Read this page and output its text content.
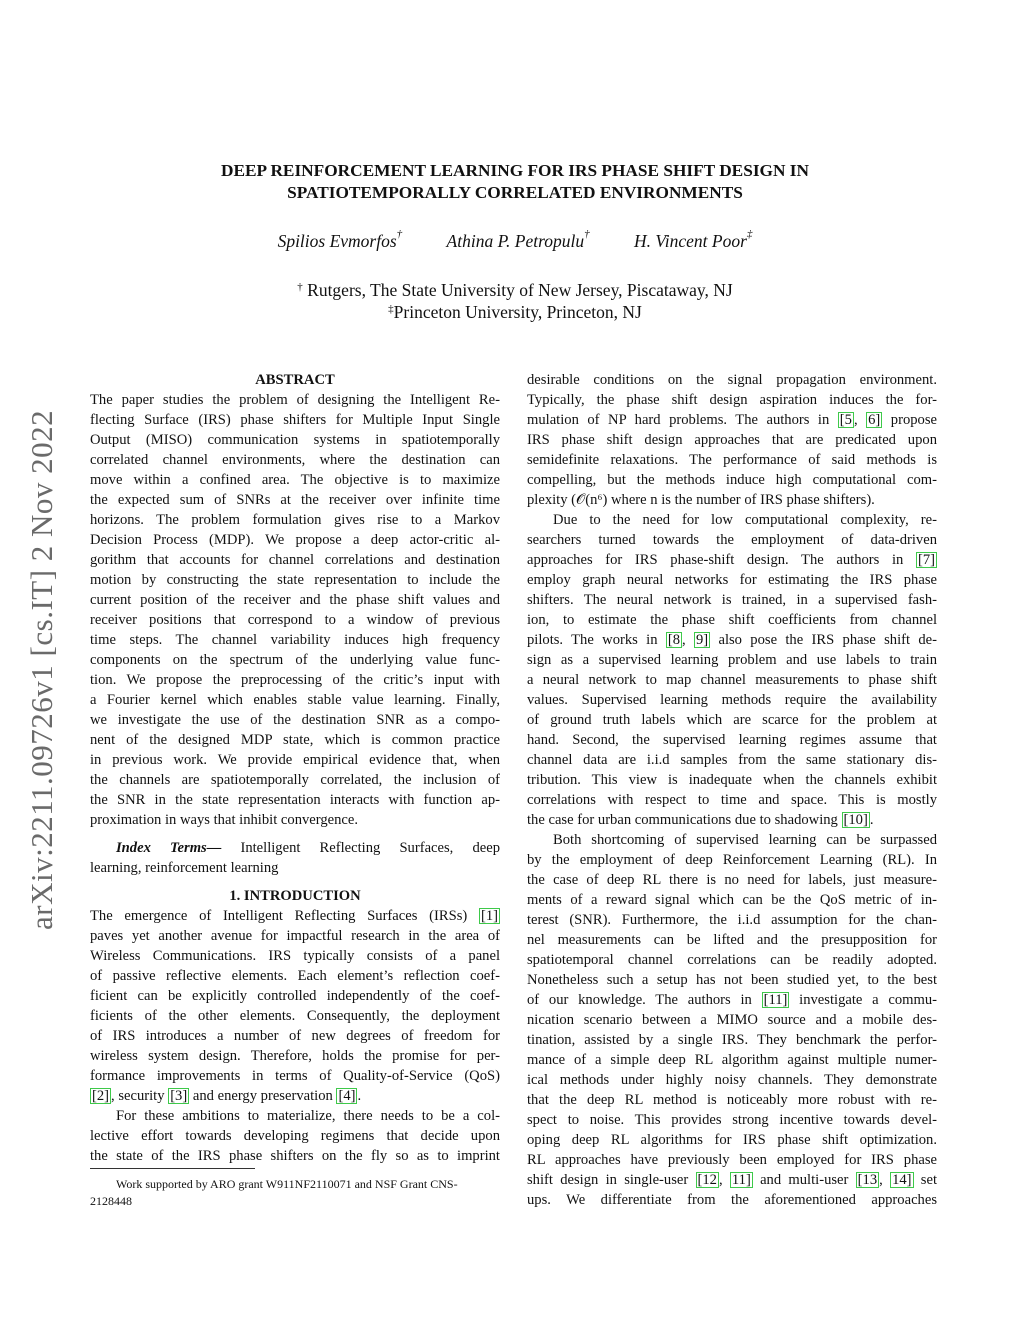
arXiv:2211.09726v1 [cs.IT] 2 Nov 2022
DEEP REINFORCEMENT LEARNING FOR IRS PHASE SHIFT DESIGN IN
SPATIOTEMPORALLY CORRELATED ENVIRONMENTS
Spilios Evmorfos†	Athina P. Petropulu†	H. Vincent Poor‡
† Rutgers, The State University of New Jersey, Piscataway, NJ
‡Princeton University, Princeton, NJ
ABSTRACT
The paper studies the problem of designing the Intelligent Re-
flecting Surface (IRS) phase shifters for Multiple Input Single
Output (MISO) communication systems in spatiotemporally
correlated channel environments, where the destination can
move within a confined area. The objective is to maximize
the expected sum of SNRs at the receiver over infinite time
horizons. The problem formulation gives rise to a Markov
Decision Process (MDP). We propose a deep actor-critic al-
gorithm that accounts for channel correlations and destination
motion by constructing the state representation to include the
current position of the receiver and the phase shift values and
receiver positions that correspond to a window of previous
time steps. The channel variability induces high frequency
components on the spectrum of the underlying value func-
tion. We propose the preprocessing of the critic’s input with
a Fourier kernel which enables stable value learning. Finally,
we investigate the use of the destination SNR as a compo-
nent of the designed MDP state, which is common practice
in previous work. We provide empirical evidence that, when
the channels are spatiotemporally correlated, the inclusion of
the SNR in the state representation interacts with function ap-
proximation in ways that inhibit convergence.
Index Terms— Intelligent Reflecting Surfaces, deep
learning, reinforcement learning
1. INTRODUCTION
The emergence of Intelligent Reflecting Surfaces (IRSs) [1]
paves yet another avenue for impactful research in the area of
Wireless Communications. IRS typically consists of a panel
of passive reflective elements. Each element’s reflection coef-
ficient can be explicitly controlled independently of the coef-
ficients of the other elements. Consequently, the deployment
of IRS introduces a number of new degrees of freedom for
wireless system design. Therefore, holds the promise for per-
formance improvements in terms of Quality-of-Service (QoS)
[2] , security [3] and energy preservation [4] .
For these ambitions to materialize, there needs to be a col-
lective effort towards developing regimens that decide upon
the state of the IRS phase shifters on the fly so as to imprint
Work supported by ARO grant W911NF2110071 and NSF Grant CNS-
2128448
desirable conditions on the signal propagation environment.
Typically, the phase shift design aspiration induces the for-
mulation of NP hard problems. The authors in [5 , 6] propose
IRS phase shift design approaches that are predicated upon
semidefinite relaxations. The performance of said methods is
compelling, but the methods induce high computational com-
plexity (𝒪(n⁶) where n is the number of IRS phase shifters).
Due to the need for low computational complexity, re-
searchers turned towards the employment of data-driven
approaches for IRS phase-shift design. The authors in [7]
employ graph neural networks for estimating the IRS phase
shifters. The neural network is trained, in a supervised fash-
ion, to estimate the phase shift coefficients from channel
pilots. The works in [8 , 9] also pose the IRS phase shift de-
sign as a supervised learning problem and use labels to train
a neural network to map channel measurements to phase shift
values. Supervised learning methods require the availability
of ground truth labels which are scarce for the problem at
hand. Second, the supervised learning regimes assume that
channel data are i.i.d samples from the same stationary dis-
tribution. This view is inadequate when the channels exhibit
correlations with respect to time and space. This is mostly
the case for urban communications due to shadowing [10] .
Both shortcoming of supervised learning can be surpassed
by the employment of deep Reinforcement Learning (RL). In
the case of deep RL there is no need for labels, just measure-
ments of a reward signal which can be the QoS metric of in-
terest (SNR). Furthermore, the i.i.d assumption for the chan-
nel measurements can be lifted and the presupposition for
spatiotemporal channel correlations can be readily adopted.
Nonetheless such a setup has not been studied yet, to the best
of our knowledge. The authors in [11] investigate a commu-
nication scenario between a MIMO source and a mobile des-
tination, assisted by a single IRS. They benchmark the perfor-
mance of a simple deep RL algorithm against multiple numer-
ical methods under highly noisy channels. They demonstrate
that the deep RL method is noticeably more robust with re-
spect to noise. This provides strong incentive towards devel-
oping deep RL algorithms for IRS phase shift optimization.
RL approaches have previously been employed for IRS phase
shift design in single-user [12 , 11] and multi-user [13 , 14] set
ups. We differentiate from the aforementioned approaches
